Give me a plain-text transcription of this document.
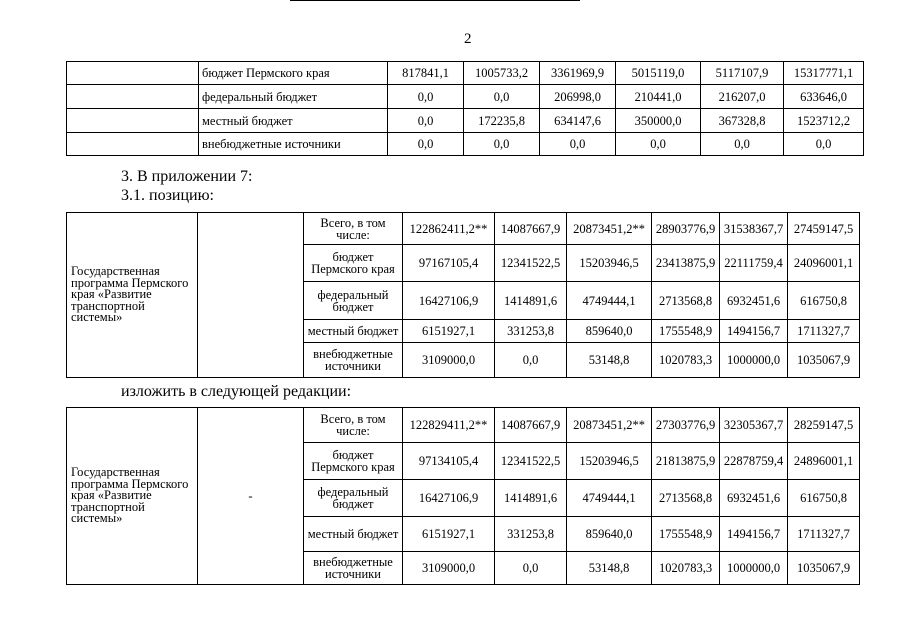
2
	бюджет Пермского края	817841,1	1005733,2	3361969,9	5015119,0	5117107,9	15317771,1
	федеральный бюджет	0,0	0,0	206998,0	210441,0	216207,0	633646,0
	местный бюджет	0,0	172235,8	634147,6	350000,0	367328,8	1523712,2
	внебюджетные источники	0,0	0,0	0,0	0,0	0,0	0,0
3. В приложении 7:
3.1. позицию:
Государственная программа Пермского края «Развитие транспортной системы»		Всего, в том числе:	122862411,2**	14087667,9	20873451,2**	28903776,9	31538367,7	27459147,5
		бюджет Пермского края	97167105,4	12341522,5	15203946,5	23413875,9	22111759,4	24096001,1
		федеральный бюджет	16427106,9	1414891,6	4749444,1	2713568,8	6932451,6	616750,8
		местный бюджет	6151927,1	331253,8	859640,0	1755548,9	1494156,7	1711327,7
		внебюджетные источники	3109000,0	0,0	53148,8	1020783,3	1000000,0	1035067,9
изложить в следующей редакции:
Государственная программа Пермского края «Развитие транспортной системы»	-	Всего, в том числе:	122829411,2**	14087667,9	20873451,2**	27303776,9	32305367,7	28259147,5
		бюджет Пермского края	97134105,4	12341522,5	15203946,5	21813875,9	22878759,4	24896001,1
		федеральный бюджет	16427106,9	1414891,6	4749444,1	2713568,8	6932451,6	616750,8
		местный бюджет	6151927,1	331253,8	859640,0	1755548,9	1494156,7	1711327,7
		внебюджетные источники	3109000,0	0,0	53148,8	1020783,3	1000000,0	1035067,9
